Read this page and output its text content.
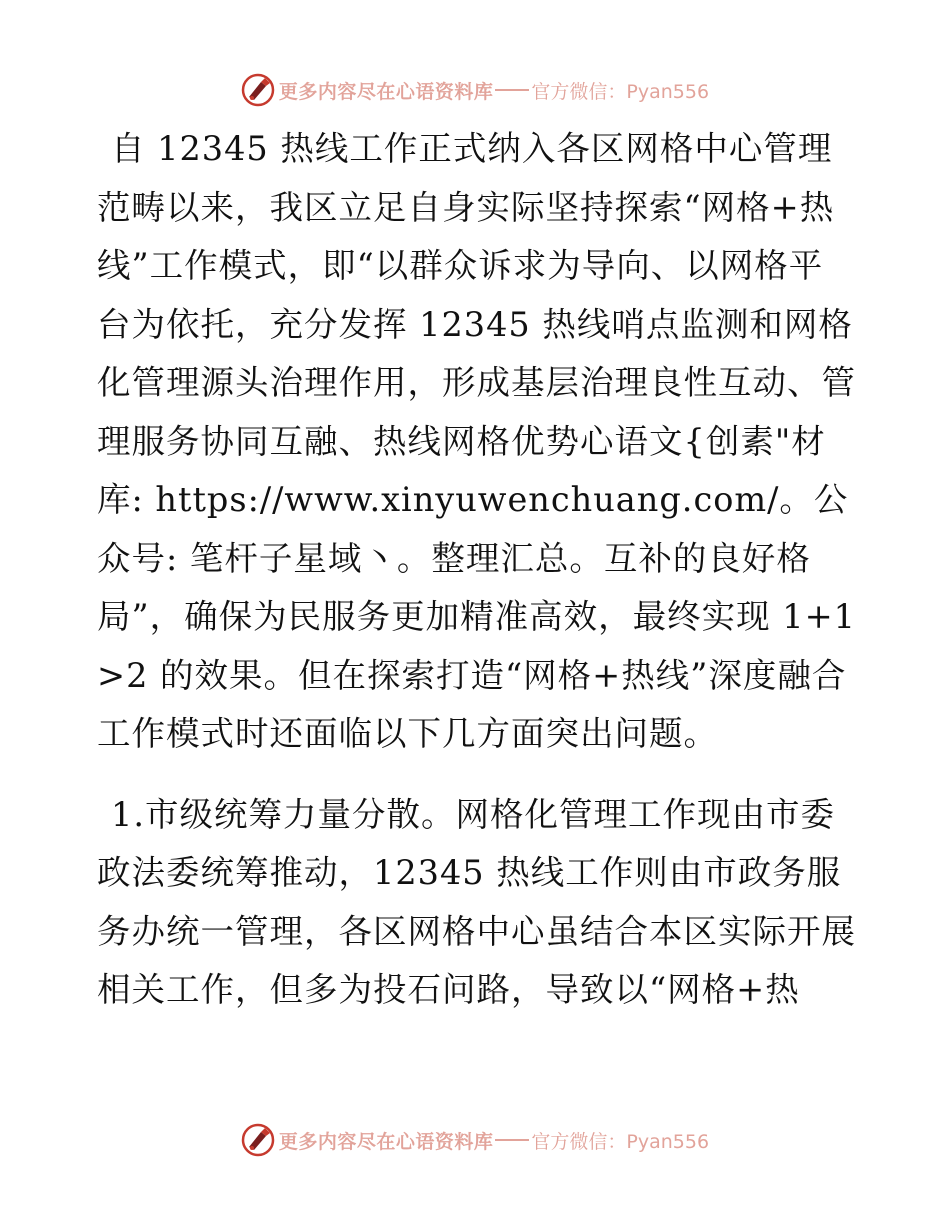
更多内容尽在心语资料库 官方微信：Pyan556

自 12345 热线工作正式纳入各区网格中心管理范畴以来，我区立足自身实际坚持探索“网格+热线”工作模式，即“以群众诉求为导向、以网格平台为依托，充分发挥 12345 热线哨点监测和网格化管理源头治理作用，形成基层治理良性互动、管理服务协同互融、热线网格优势心语文{创素"材库: https://www.xinyuwenchuang.com/。公众号: 笔杆子星域丶。整理汇总。互补的良好格局”，确保为民服务更加精准高效，最终实现 1+1>2 的效果。但在探索打造“网格+热线”深度融合工作模式时还面临以下几方面突出问题。

1.市级统筹力量分散。网格化管理工作现由市委政法委统筹推动，12345 热线工作则由市政务服务办统一管理，各区网格中心虽结合本区实际开展相关工作，但多为投石问路，导致以“网格+热

更多内容尽在心语资料库 官方微信：Pyan556
